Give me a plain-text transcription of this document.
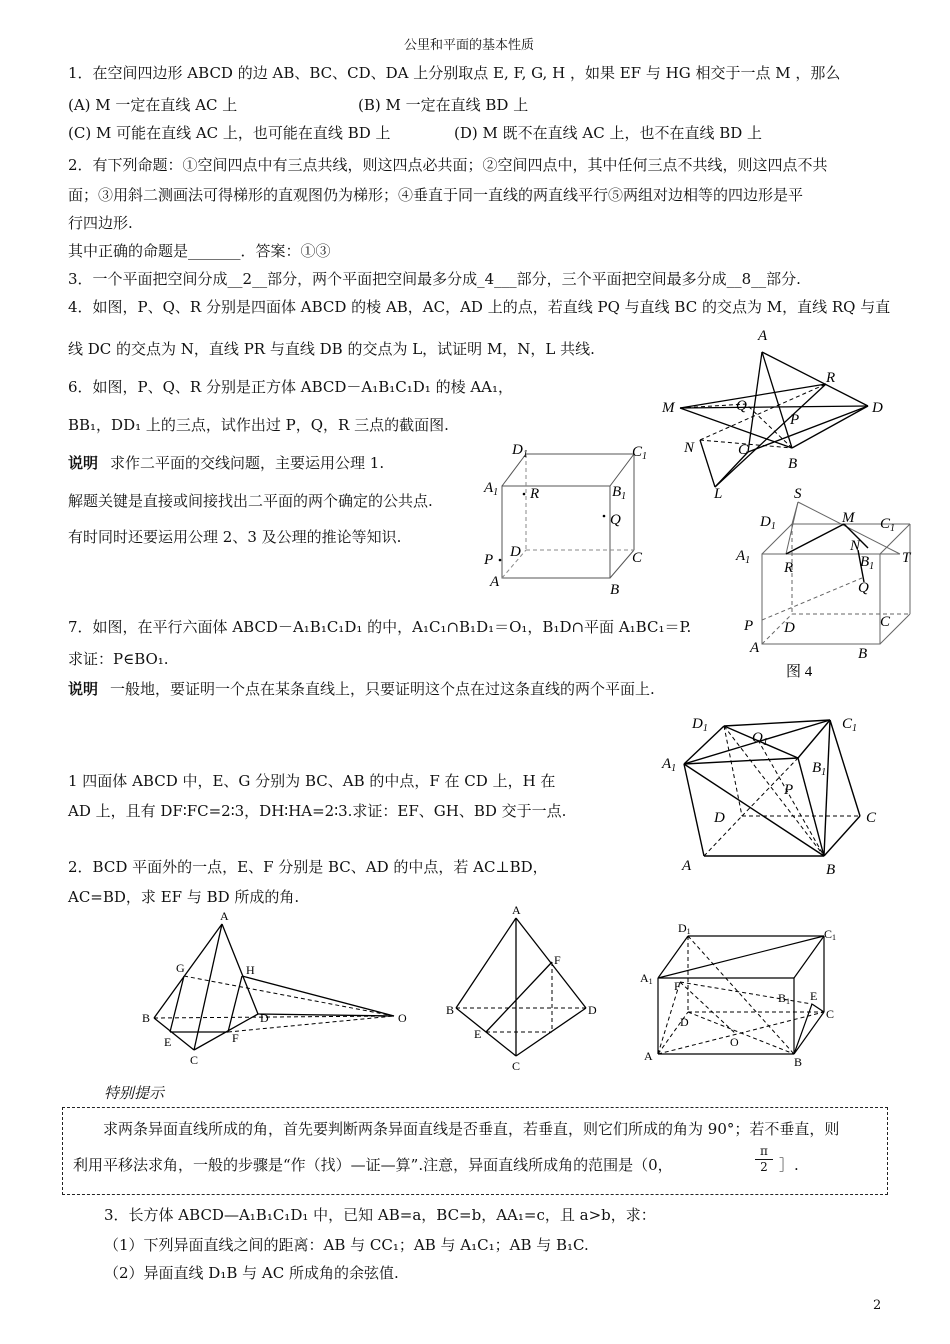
公里和平面的基本性质
1．在空间四边形 ABCD 的边 AB、BC、CD、DA 上分别取点 E, F, G, H ，如果 EF 与 HG 相交于一点 M ，那么
(A) M 一定在直线 AC 上	(B) M 一定在直线 BD 上
(C) M 可能在直线 AC 上，也可能在直线 BD 上	(D) M 既不在直线 AC 上，也不在直线 BD 上
2．有下列命题：①空间四点中有三点共线，则这四点必共面；②空间四点中，其中任何三点不共线，则这四点不共
面；③用斜二测画法可得梯形的直观图仍为梯形；④垂直于同一直线的两直线平行⑤两组对边相等的四边形是平
行四边形.
其中正确的命题是_______．答案：①③
3．一个平面把空间分成__2__部分，两个平面把空间最多分成_4___部分，三个平面把空间最多分成__8__部分.
4．如图，P、Q、R 分别是四面体 ABCD 的棱 AB，AC，AD 上的点，若直线 PQ 与直线 BC 的交点为 M，直线 RQ 与直
线 DC 的交点为 N，直线 PR 与直线 DB 的交点为 L，试证明 M，N，L 共线.
6．如图，P、Q、R 分别是正方体 ABCD－A₁B₁C₁D₁ 的棱 AA₁，
BB₁，DD₁ 上的三点，试作出过 P，Q，R 三点的截面图.
说明 求作二平面的交线问题，主要运用公理 1.
解题关键是直接或间接找出二平面的两个确定的公共点.
有时同时还要运用公理 2、3 及公理的推论等知识.
7．如图，在平行六面体 ABCD－A₁B₁C₁D₁ 的中，A₁C₁∩B₁D₁＝O₁，B₁D∩平面 A₁BC₁＝P.
求证：P∈BO₁.
说明 一般地，要证明一个点在某条直线上，只要证明这个点在过这条直线的两个平面上.
1 四面体 ABCD 中，E、G 分别为 BC、AB 的中点，F 在 CD 上，H 在
AD 上，且有 DF∶FC=2∶3，DH∶HA=2∶3.求证：EF、GH、BD 交于一点.
2．BCD 平面外的一点，E、F 分别是 BC、AD 的中点，若 AC⊥BD，
AC=BD，求 EF 与 BD 所成的角.
A
R
M	Q
P
D
N	C
B
L
$D_1$	$C_1$
$A_1$ R	$B_1$
Q
P D	C
A	B
S
$D_1$
M $C_1$
N
$A_1$ R	$B_1$
T
Q
P D	C
A	B
图 4
$D_1$	$C_1$
$O_1$
$A_1$	$B_1$
P
D	C
A	B
A
G	H
B	D	O
E	F
C
A
F
B	D
E
C
D1	C1
A1 F
B1 E
D
C
O
A	B
特别提示
求两条异面直线所成的角，首先要判断两条异面直线是否垂直，若垂直，则它们所成的角为 90°；若不垂直，则
利用平移法求角，一般的步骤是“作（找）—证—算”.注意，异面直线所成角的范围是（0，	$\frac{\pi}{2}$ ］.
3．长方体 ABCD—A₁B₁C₁D₁ 中，已知 AB=a，BC=b，AA₁=c，且 a>b，求：
（1）下列异面直线之间的距离：AB 与 CC₁；AB 与 A₁C₁；AB 与 B₁C.
（2）异面直线 D₁B 与 AC 所成角的余弦值.
2
